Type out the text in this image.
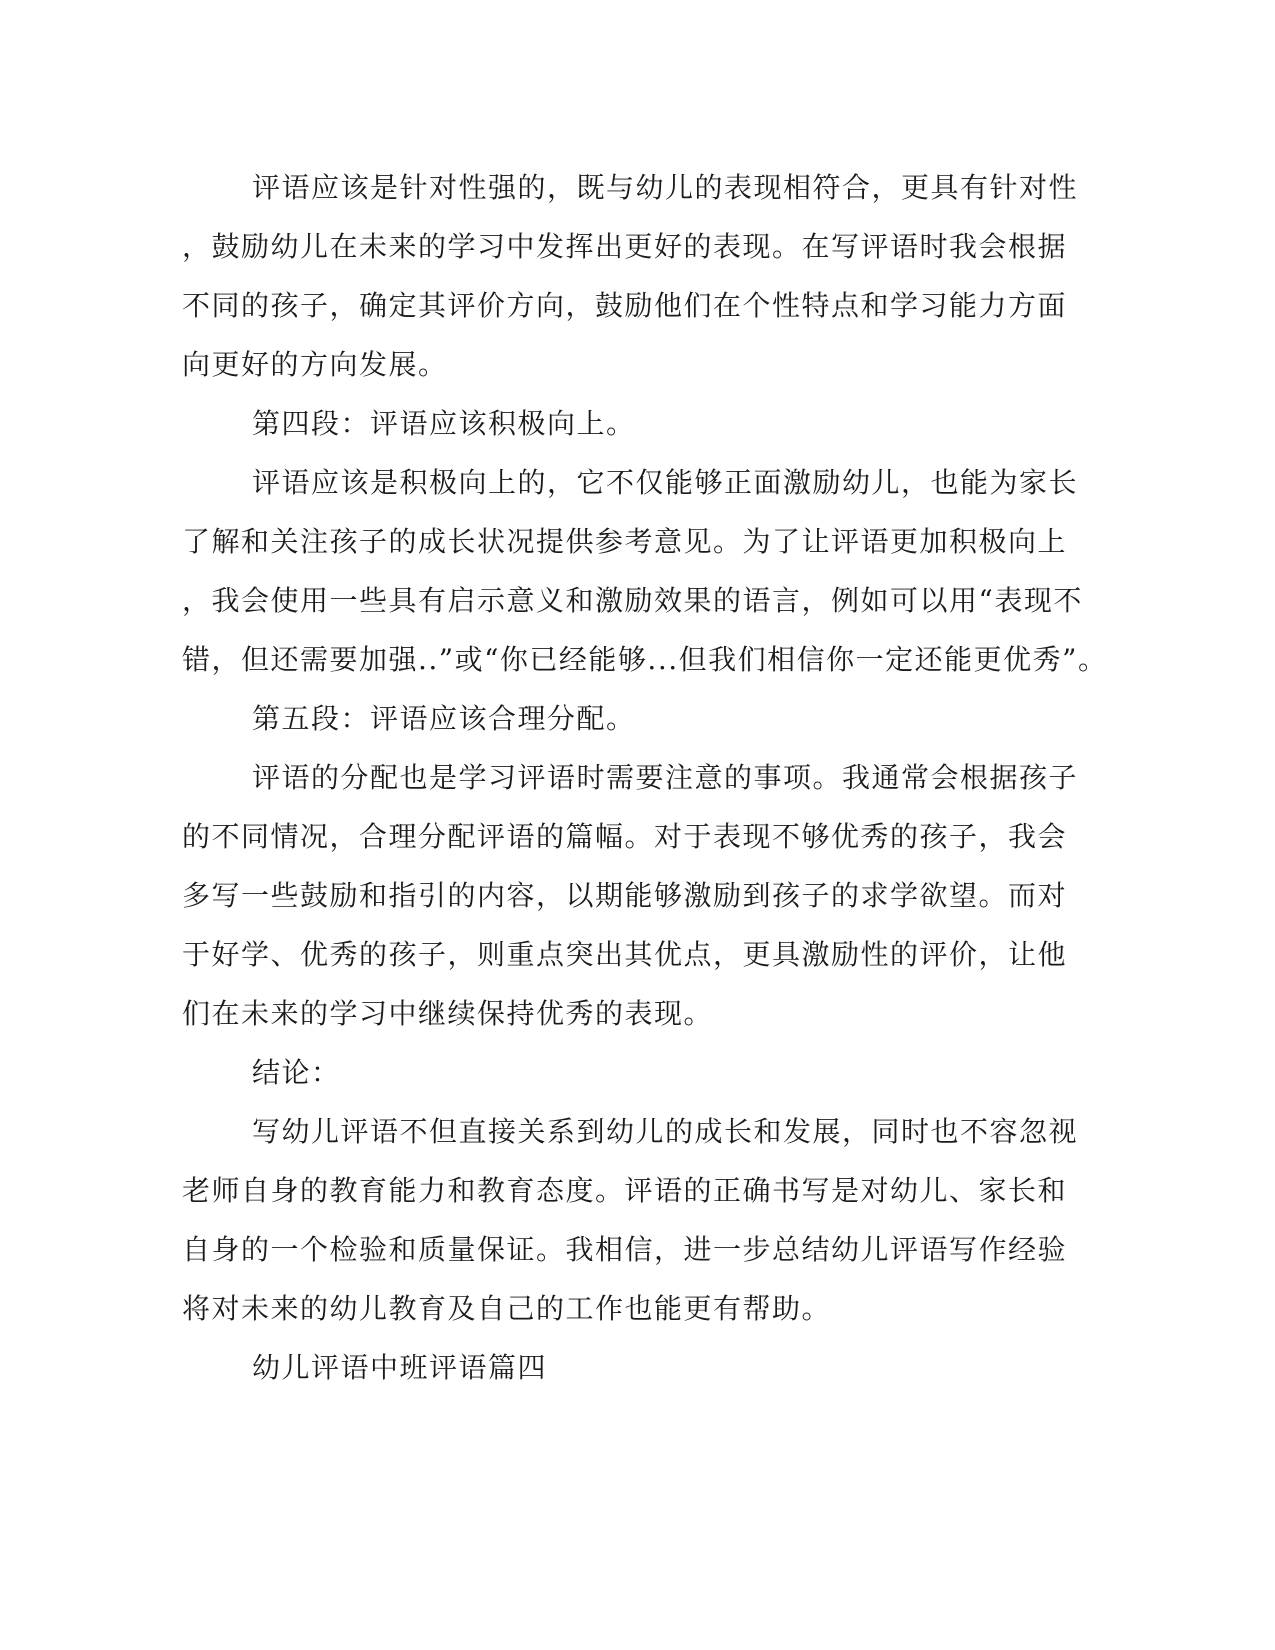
评语应该是针对性强的，既与幼儿的表现相符合，更具有针对性
，鼓励幼儿在未来的学习中发挥出更好的表现。在写评语时我会根据
不同的孩子，确定其评价方向，鼓励他们在个性特点和学习能力方面
向更好的方向发展。
第四段：评语应该积极向上。
评语应该是积极向上的，它不仅能够正面激励幼儿，也能为家长
了解和关注孩子的成长状况提供参考意见。为了让评语更加积极向上
，我会使用一些具有启示意义和激励效果的语言，例如可以用“表现不
错，但还需要加强..”或“你已经能够...但我们相信你一定还能更优秀”。
第五段：评语应该合理分配。
评语的分配也是学习评语时需要注意的事项。我通常会根据孩子
的不同情况，合理分配评语的篇幅。对于表现不够优秀的孩子，我会
多写一些鼓励和指引的内容，以期能够激励到孩子的求学欲望。而对
于好学、优秀的孩子，则重点突出其优点，更具激励性的评价，让他
们在未来的学习中继续保持优秀的表现。
结论：
写幼儿评语不但直接关系到幼儿的成长和发展，同时也不容忽视
老师自身的教育能力和教育态度。评语的正确书写是对幼儿、家长和
自身的一个检验和质量保证。我相信，进一步总结幼儿评语写作经验
将对未来的幼儿教育及自己的工作也能更有帮助。
幼儿评语中班评语篇四
